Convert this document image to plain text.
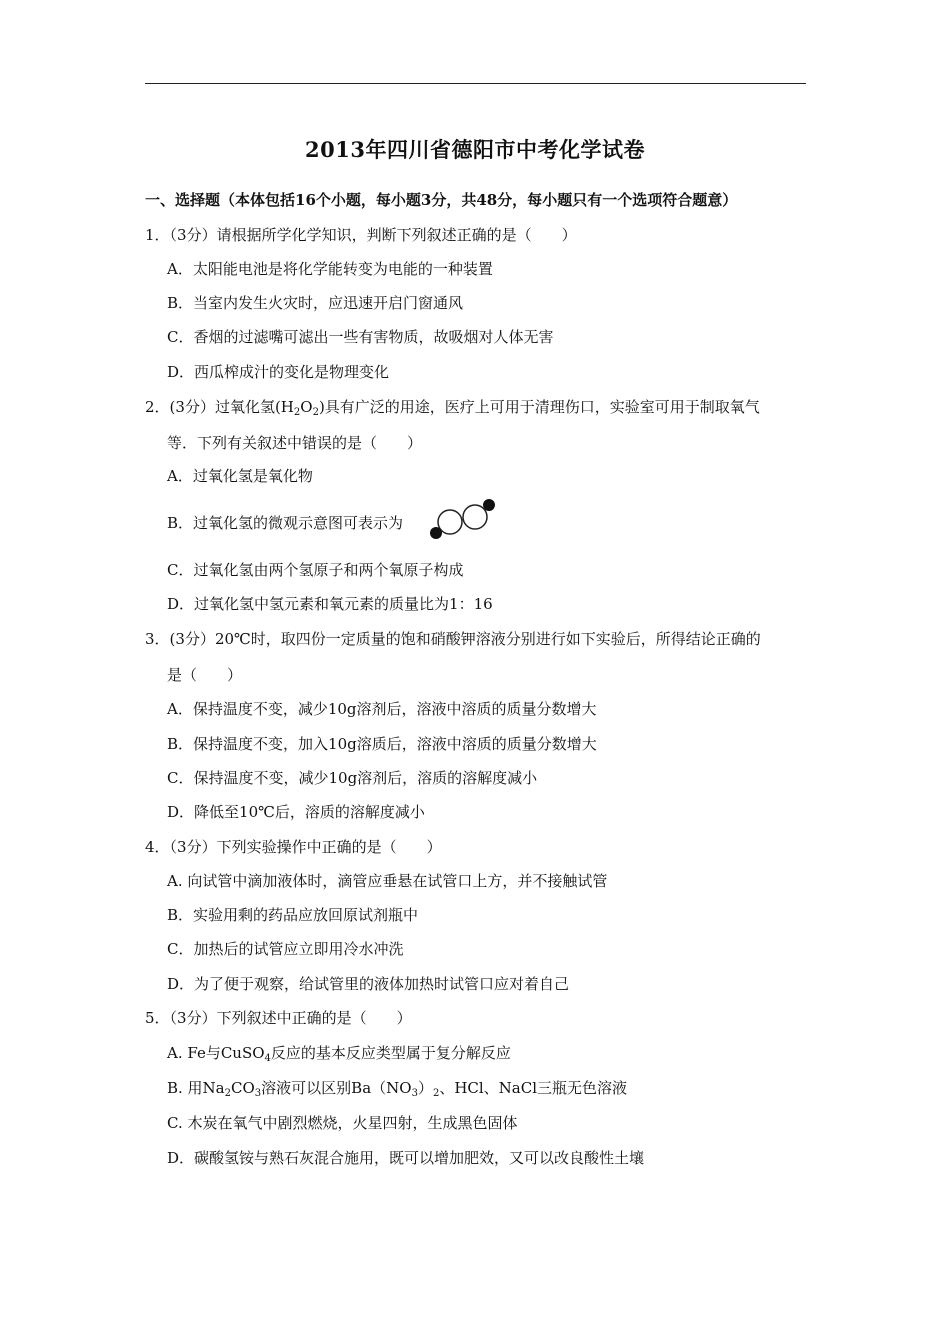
2013年四川省德阳市中考化学试卷
一、选择题（本体包括16个小题，每小题3分，共48分，每小题只有一个选项符合题意）
1．（3分）请根据所学化学知识，判断下列叙述正确的是（　　）
A．太阳能电池是将化学能转变为电能的一种装置
B．当室内发生火灾时，应迅速开启门窗通风
C．香烟的过滤嘴可滤出一些有害物质，故吸烟对人体无害
D．西瓜榨成汁的变化是物理变化
2．(3分）过氧化氢$(H_2O_2)$具有广泛的用途，医疗上可用于清理伤口，实验室可用于制取氧气
等．下列有关叙述中错误的是（　　）
A．过氧化氢是氧化物
B．过氧化氢的微观示意图可表示为
C．过氧化氢由两个氢原子和两个氧原子构成
D．过氧化氢中氢元素和氧元素的质量比为1：16
3．(3分）20℃时，取四份一定质量的饱和硝酸钾溶液分别进行如下实验后，所得结论正确的
是（　　）
A．保持温度不变，减少10g溶剂后，溶液中溶质的质量分数增大
B．保持温度不变，加入10g溶质后，溶液中溶质的质量分数增大
C．保持温度不变，减少10g溶剂后，溶质的溶解度减小
D．降低至10℃后，溶质的溶解度减小
4．（3分）下列实验操作中正确的是（　　）
A. 向试管中滴加液体时，滴管应垂悬在试管口上方，并不接触试管
B．实验用剩的药品应放回原试剂瓶中
C．加热后的试管应立即用冷水冲洗
D．为了便于观察，给试管里的液体加热时试管口应对着自己
5．（3分）下列叙述中正确的是（　　）
A. Fe与CuSO$_4$反应的基本反应类型属于复分解反应
B. 用$Na_2CO_3$溶液可以区别$Ba(NO_3)_2$、HCl、NaCl三瓶无色溶液
C. 木炭在氧气中剧烈燃烧，火星四射，生成黑色固体
D．碳酸氢铵与熟石灰混合施用，既可以增加肥效，又可以改良酸性土壤
